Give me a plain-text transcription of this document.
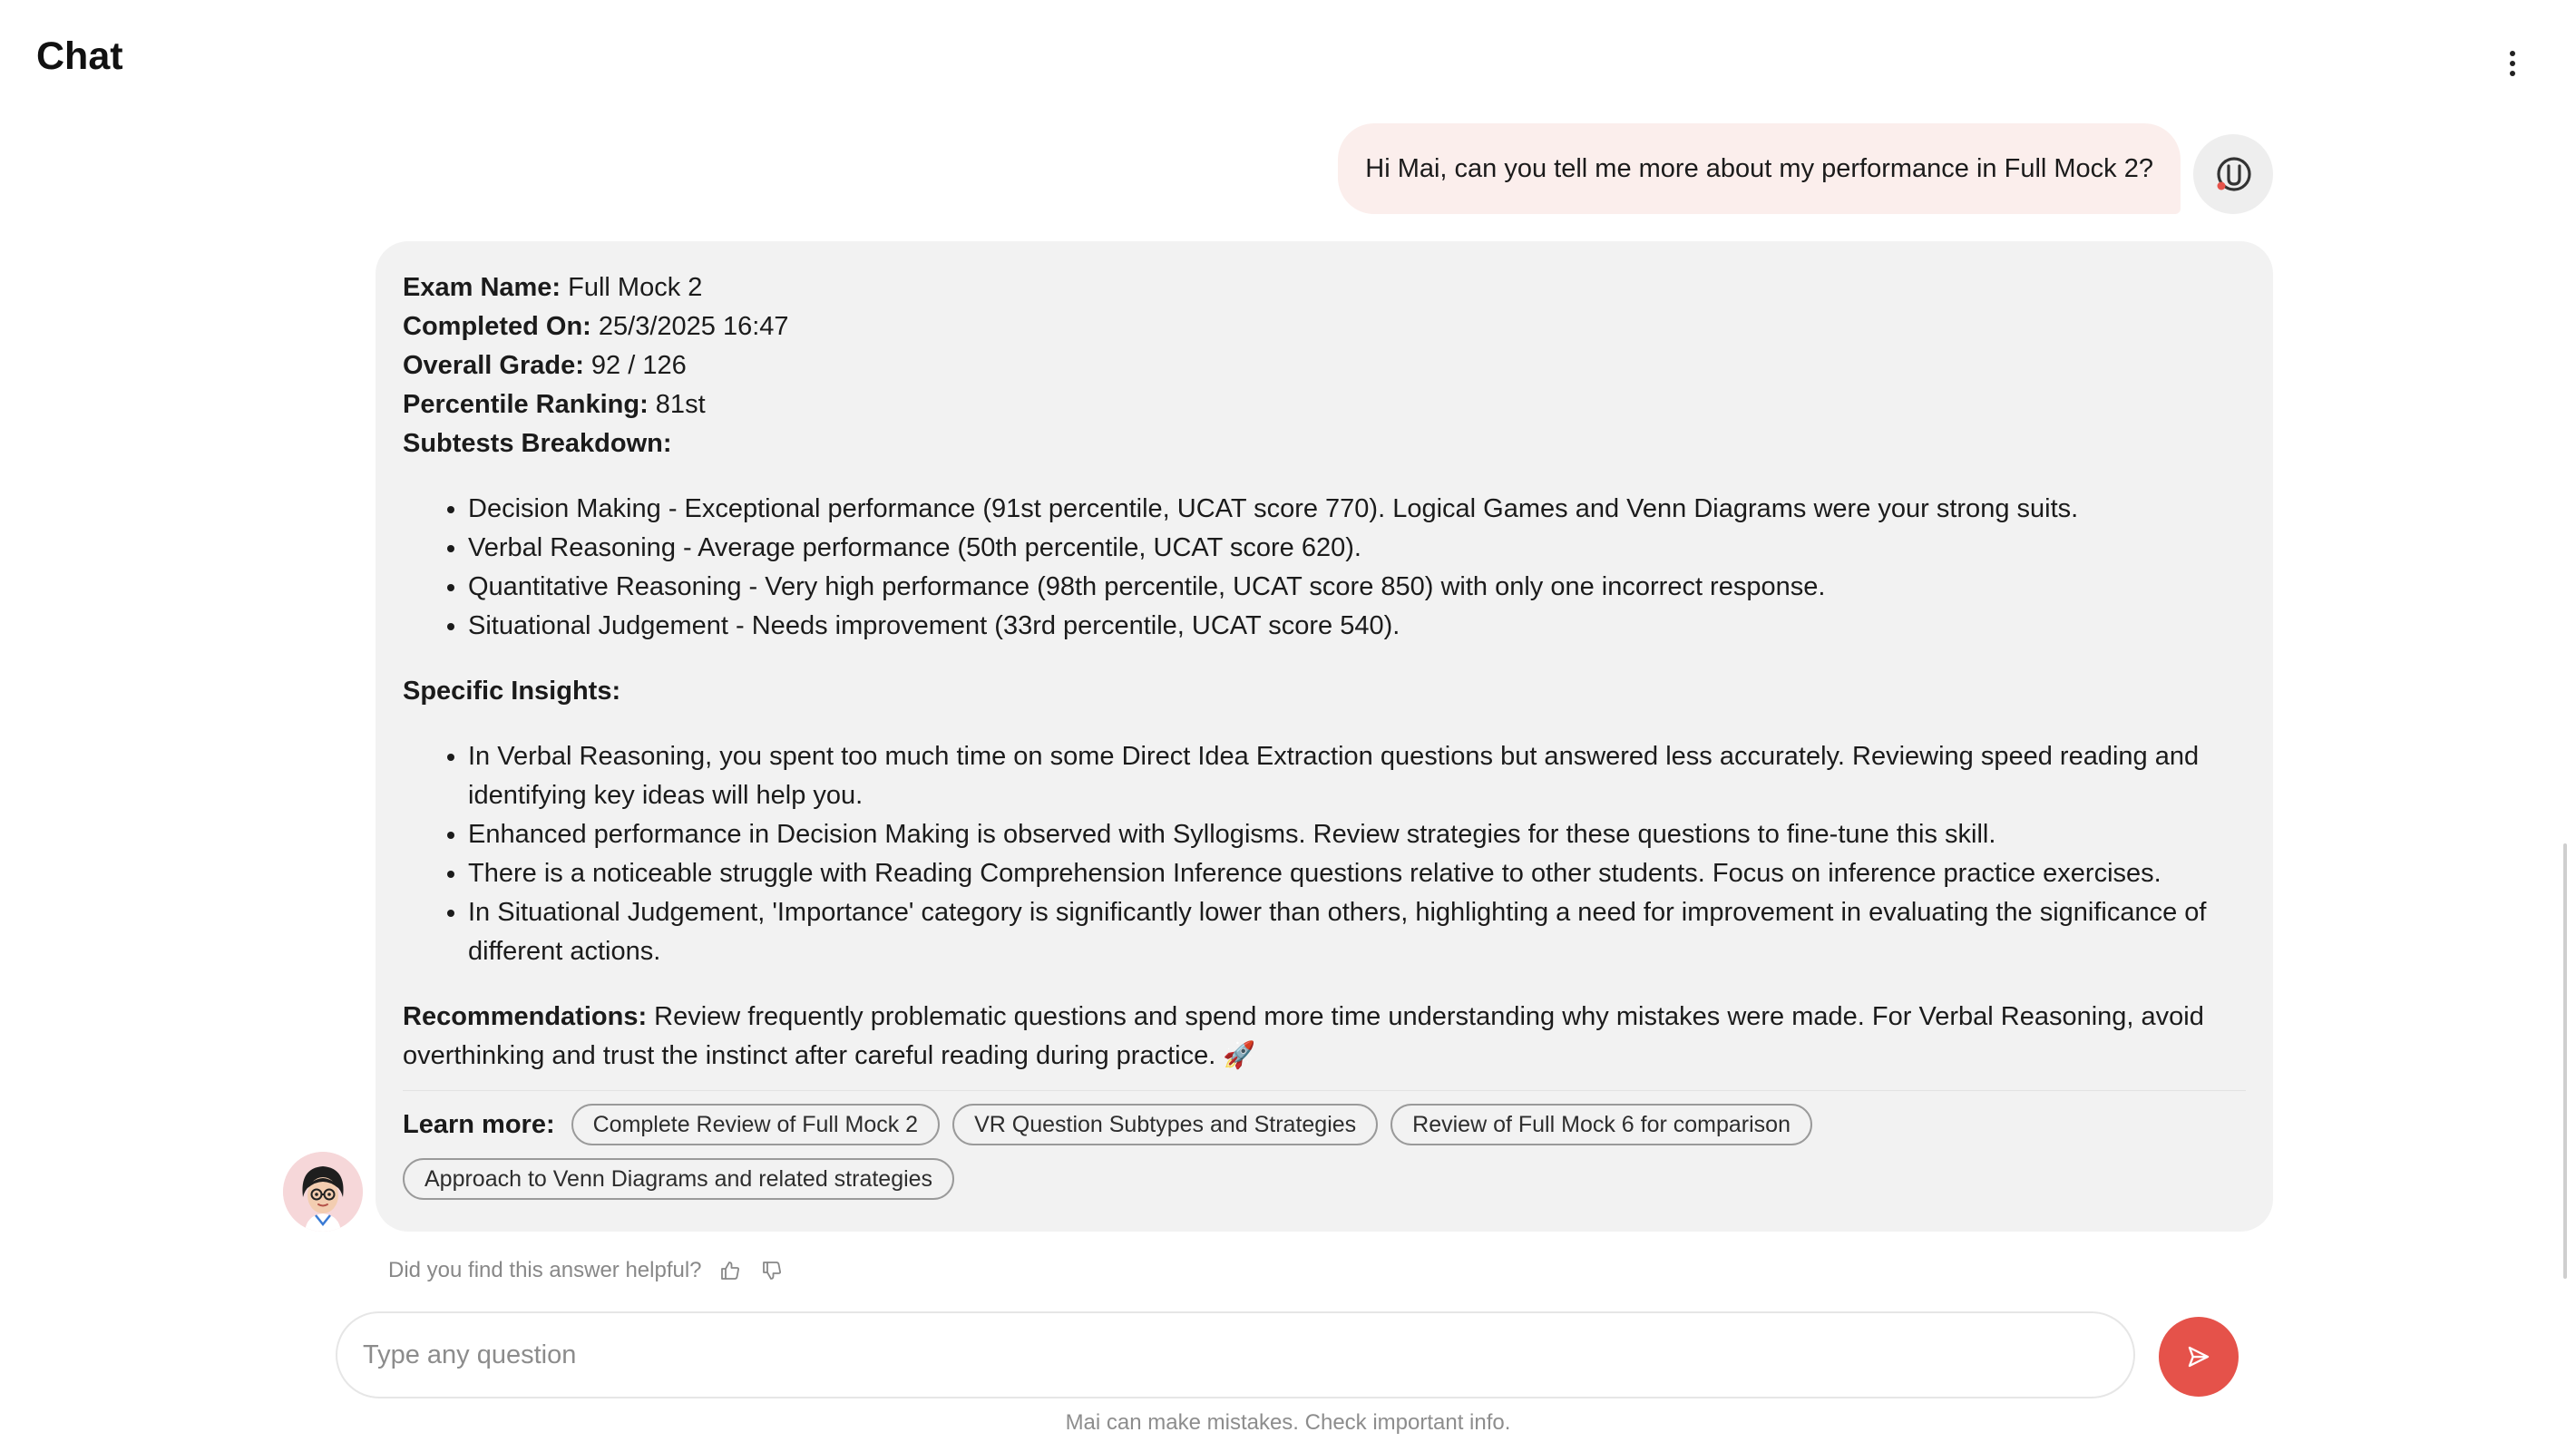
Chat
Hi Mai, can you tell me more about my performance in Full Mock 2?
Exam Name: Full Mock 2
Completed On: 25/3/2025 16:47
Overall Grade: 92 / 126
Percentile Ranking: 81st
Subtests Breakdown:
• Decision Making - Exceptional performance (91st percentile, UCAT score 770). Logical Games and Venn Diagrams were your strong suits.
• Verbal Reasoning - Average performance (50th percentile, UCAT score 620).
• Quantitative Reasoning - Very high performance (98th percentile, UCAT score 850) with only one incorrect response.
• Situational Judgement - Needs improvement (33rd percentile, UCAT score 540).
Specific Insights:
• In Verbal Reasoning, you spent too much time on some Direct Idea Extraction questions but answered less accurately. Reviewing speed reading and identifying key ideas will help you.
• Enhanced performance in Decision Making is observed with Syllogisms. Review strategies for these questions to fine-tune this skill.
• There is a noticeable struggle with Reading Comprehension Inference questions relative to other students. Focus on inference practice exercises.
• In Situational Judgement, 'Importance' category is significantly lower than others, highlighting a need for improvement in evaluating the significance of different actions.
Recommendations: Review frequently problematic questions and spend more time understanding why mistakes were made. For Verbal Reasoning, avoid overthinking and trust the instinct after careful reading during practice. 🚀
Learn more:	Complete Review of Full Mock 2	VR Question Subtypes and Strategies	Review of Full Mock 6 for comparison
Approach to Venn Diagrams and related strategies
Did you find this answer helpful?
Type any question
Mai can make mistakes. Check important info.
